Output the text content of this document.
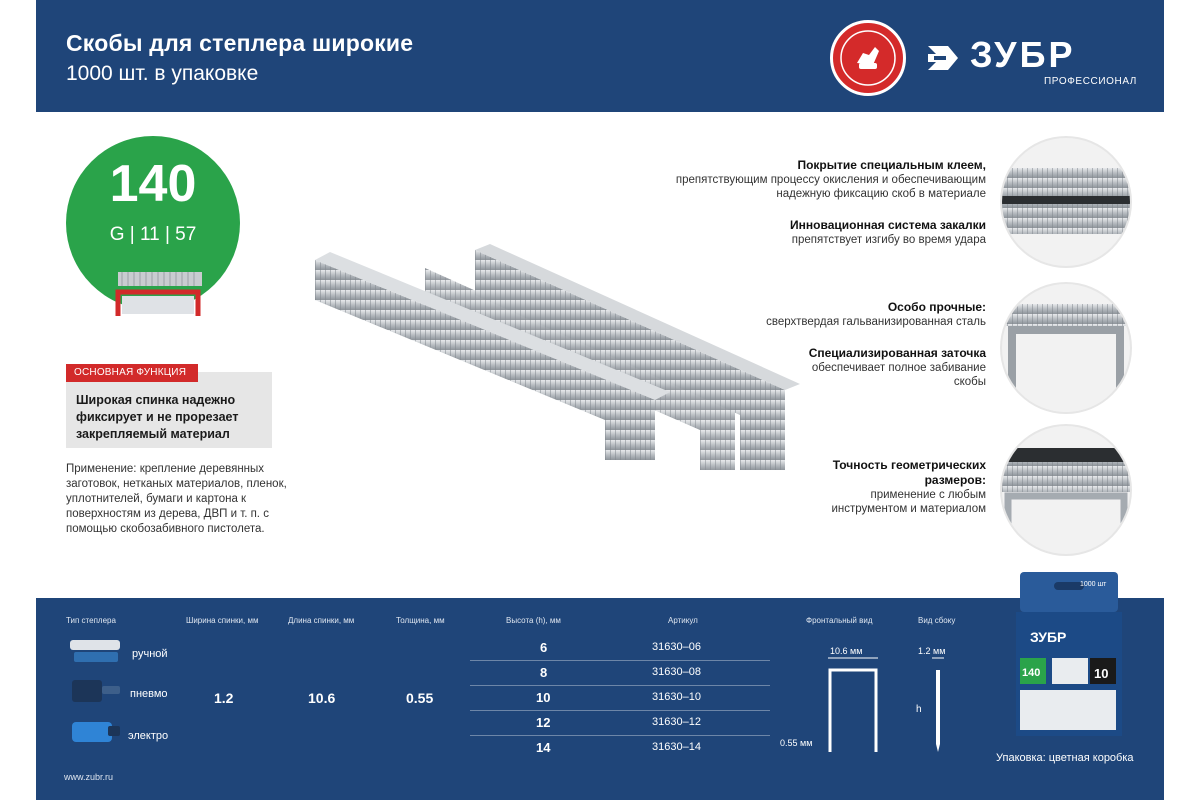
Скобы для степлера широкие
1000 шт. в упаковке	ЗУБР
ПРОФЕССИОНАЛ
140
G | 11 | 57
Широкая спинка надежно фиксирует и не прорезает закрепляемый материал
ОСНОВНАЯ ФУНКЦИЯ
Применение: крепление деревянных заготовок, нетканых материалов, пленок, уплотнителей, бумаги и картона к поверхностям из дерева, ДВП и т. п. с помощью скобозабивного пистолета.
Покрытие специальным клеем,
препятствующим процессу окисления и обеспечивающим надежную фиксацию скоб в материале
Инновационная система закалки
препятствует изгибу во время удара
Особо прочные:
сверхтвердая гальванизированная сталь
Специализированная заточка
обеспечивает полное забивание скобы
Точность геометрических размеров:
применение с любым инструментом и материалом
Тип степлера	Ширина спинки, мм	Длина спинки, мм	Толщина, мм	Высота (h), мм	Артикул	Фронтальный вид	Вид сбоку
ручной
пневмо
электро
1.2	10.6	0.55
6	31630–06
8	31630–08
10	31630–10
12	31630–12
14	31630–14
10.6 мм
0.55 мм
1.2 мм
h
www.zubr.ru
1000 шт
140	10
ЗУБР
Упаковка: цветная коробка
